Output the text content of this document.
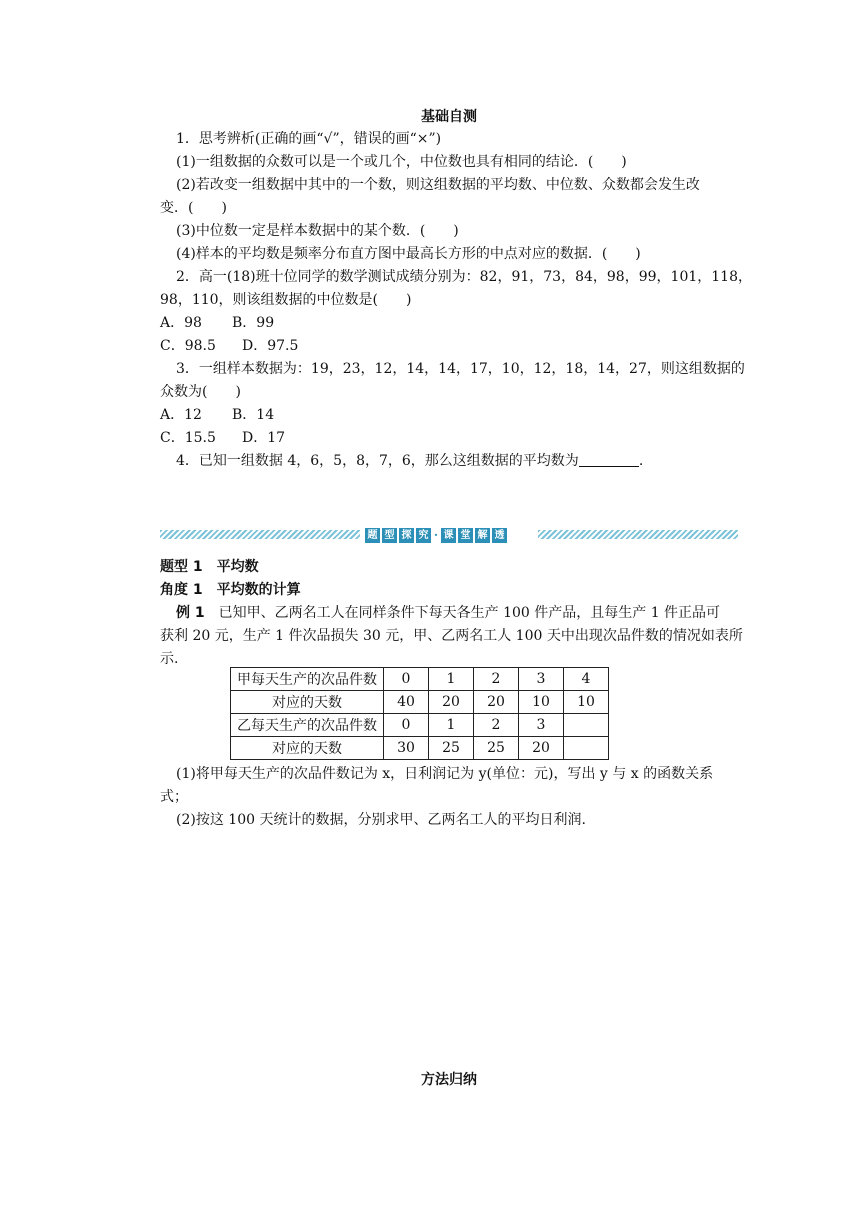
基础自测
1．思考辨析(正确的画“√”，错误的画“×”)
(1)一组数据的众数可以是一个或几个，中位数也具有相同的结论．(　　)
(2)若改变一组数据中其中的一个数，则这组数据的平均数、中位数、众数都会发生改
变．(　　)
(3)中位数一定是样本数据中的某个数．(　　)
(4)样本的平均数是频率分布直方图中最高长方形的中点对应的数据．(　　)
2．高一(18)班十位同学的数学测试成绩分别为：82，91，73，84，98，99，101，118，
98，110，则该组数据的中位数是(　　)
A．98 B．99
C．98.5 D．97.5
3．一组样本数据为：19，23，12，14，14，17，10，12，18，14，27，则这组数据的
众数为(　　)
A．12 B．14
C．15.5 D．17
4．已知一组数据 4，6，5，8，7，6，那么这组数据的平均数为	.
题 型 探 究 · 课 堂 解 透
题型 1　平均数
角度 1　平均数的计算
例 1　已知甲、乙两名工人在同样条件下每天各生产 100 件产品，且每生产 1 件正品可
获利 20 元，生产 1 件次品损失 30 元，甲、乙两名工人 100 天中出现次品件数的情况如表所
示.
甲每天生产的次品件数	0	1	2	3	4
对应的天数	40	20	20	10	10
乙每天生产的次品件数	0	1	2	3	
对应的天数	30	25	25	20	
(1)将甲每天生产的次品件数记为 x，日利润记为 y(单位：元)，写出 y 与 x 的函数关系
式；
(2)按这 100 天统计的数据，分别求甲、乙两名工人的平均日利润.
方法归纳
